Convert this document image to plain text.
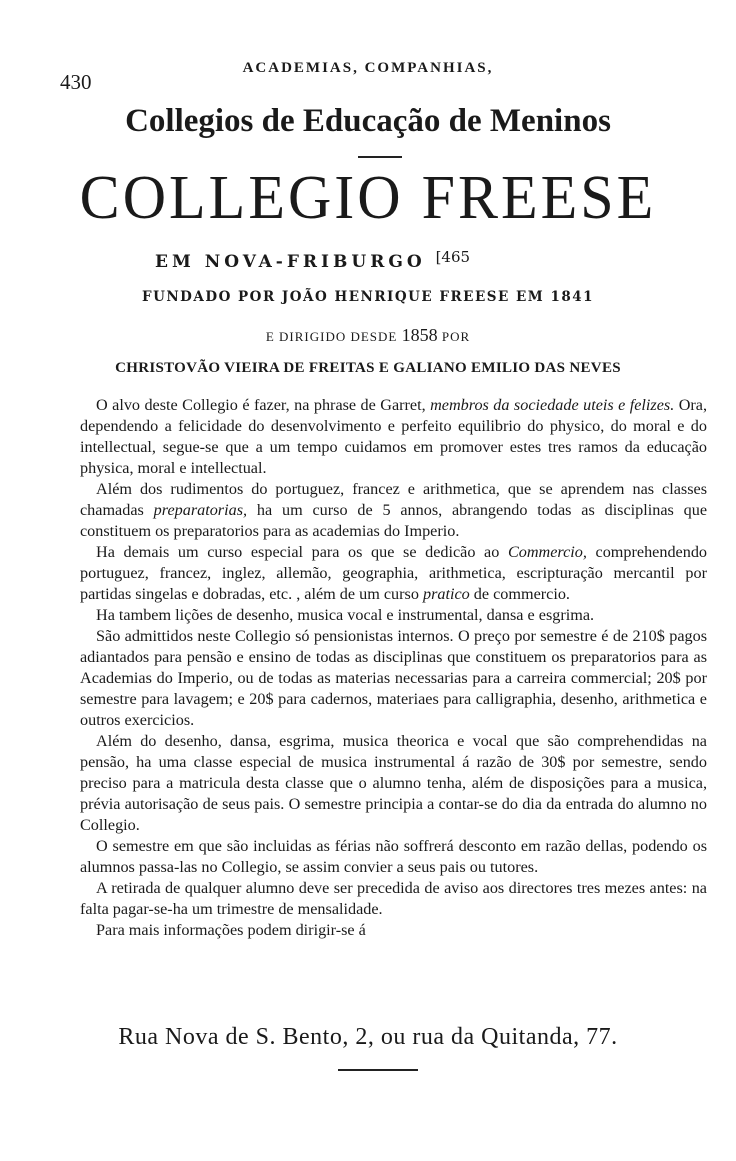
430
ACADEMIAS, COMPANHIAS,
Collegios de Educação de Meninos
COLLEGIO FREESE
EM NOVA-FRIBURGO [465
FUNDADO POR JOÃO HENRIQUE FREESE EM 1841
E DIRIGIDO DESDE 1858 POR
CHRISTOVÃO VIEIRA DE FREITAS E GALIANO EMILIO DAS NEVES

O alvo deste Collegio é fazer, na phrase de Garret, membros da sociedade uteis e felizes. Ora, dependendo a felicidade do desenvolvimento e perfeito equilibrio do physico, do moral e do intellectual, segue-se que a um tempo cuidamos em promover estes tres ramos da educação physica, moral e intellectual.

Além dos rudimentos do portuguez, francez e arithmetica, que se aprendem nas classes chamadas preparatorias, ha um curso de 5 annos, abrangendo todas as disciplinas que constituem os preparatorios para as academias do Imperio.

Ha demais um curso especial para os que se dedicão ao Commercio, comprehendendo portuguez, francez, inglez, allemão, geographia, arithmetica, escripturação mercantil por partidas singelas e dobradas, etc. , além de um curso pratico de commercio.

Ha tambem lições de desenho, musica vocal e instrumental, dansa e esgrima.

São admittidos neste Collegio só pensionistas internos. O preço por semestre é de 210$ pagos adiantados para pensão e ensino de todas as disciplinas que constituem os preparatorios para as Academias do Imperio, ou de todas as materias necessarias para a carreira commercial; 20$ por semestre para lavagem; e 20$ para cadernos, materiaes para calligraphia, desenho, arithmetica e outros exercicios.

Além do desenho, dansa, esgrima, musica theorica e vocal que são comprehendidas na pensão, ha uma classe especial de musica instrumental á razão de 30$ por semestre, sendo preciso para a matricula desta classe que o alumno tenha, além de disposições para a musica, prévia autorisação de seus pais. O semestre principia a contar-se do dia da entrada do alumno no Collegio.

O semestre em que são incluidas as férias não soffrerá desconto em razão dellas, podendo os alumnos passa-las no Collegio, se assim convier a seus pais ou tutores.

A retirada de qualquer alumno deve ser precedida de aviso aos directores tres mezes antes: na falta pagar-se-ha um trimestre de mensalidade.

Para mais informações podem dirigir-se á

Rua Nova de S. Bento, 2, ou rua da Quitanda, 77.
